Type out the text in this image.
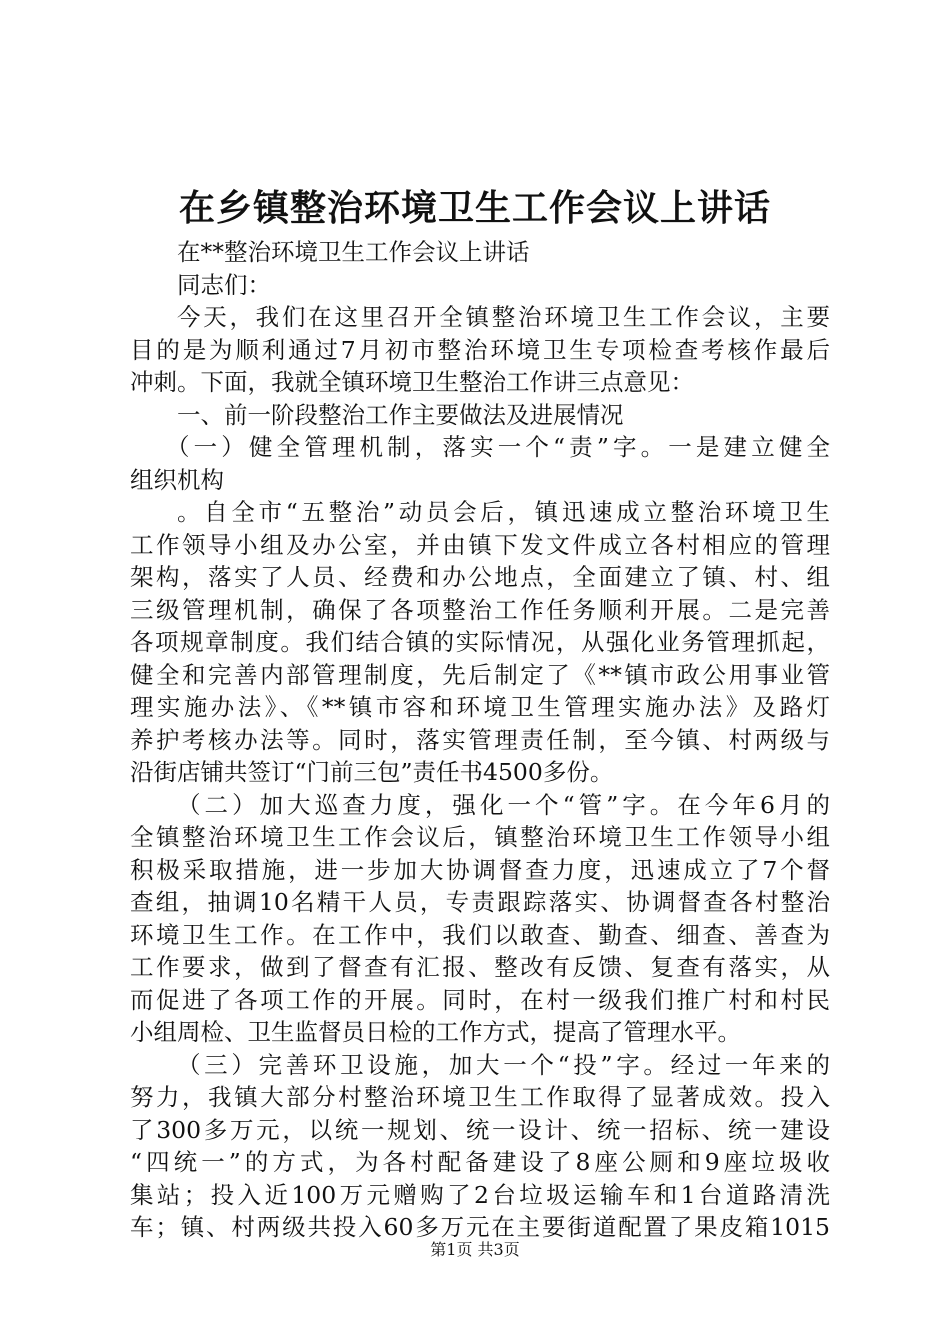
在乡镇整治环境卫生工作会议上讲话
在**整治环境卫生工作会议上讲话
同志们：
今天，我们在这里召开全镇整治环境卫生工作会议，主要
目的是为顺利通过7月初市整治环境卫生专项检查考核作最后
冲刺。下面，我就全镇环境卫生整治工作讲三点意见：
一、前一阶段整治工作主要做法及进展情况
（一）健全管理机制，落实一个“责”字。一是建立健全
组织机构
。自全市“五整治”动员会后，镇迅速成立整治环境卫生
工作领导小组及办公室，并由镇下发文件成立各村相应的管理
架构，落实了人员、经费和办公地点，全面建立了镇、村、组
三级管理机制，确保了各项整治工作任务顺利开展。二是完善
各项规章制度。我们结合镇的实际情况，从强化业务管理抓起，
健全和完善内部管理制度，先后制定了《**镇市政公用事业管
理实施办法》、《**镇市容和环境卫生管理实施办法》及路灯
养护考核办法等。同时，落实管理责任制，至今镇、村两级与
沿街店铺共签订“门前三包”责任书4500多份。
（二）加大巡查力度，强化一个“管”字。在今年6月的
全镇整治环境卫生工作会议后，镇整治环境卫生工作领导小组
积极采取措施，进一步加大协调督查力度，迅速成立了7个督
查组，抽调10名精干人员，专责跟踪落实、协调督查各村整治
环境卫生工作。在工作中，我们以敢查、勤查、细查、善查为
工作要求，做到了督查有汇报、整改有反馈、复查有落实，从
而促进了各项工作的开展。同时，在村一级我们推广村和村民
小组周检、卫生监督员日检的工作方式，提高了管理水平。
（三）完善环卫设施，加大一个“投”字。经过一年来的
努力，我镇大部分村整治环境卫生工作取得了显著成效。投入
了300多万元，以统一规划、统一设计、统一招标、统一建设
“四统一”的方式，为各村配备建设了8座公厕和9座垃圾收
集站；投入近100万元赠购了2台垃圾运输车和1台道路清洗
车；镇、村两级共投入60多万元在主要街道配置了果皮箱1015
第1页 共3页
